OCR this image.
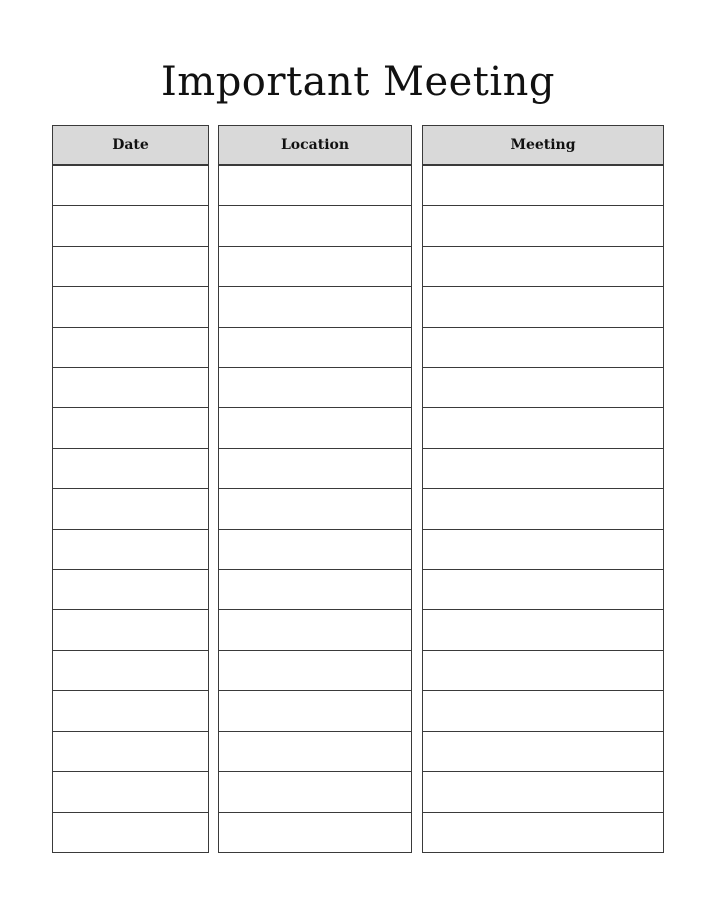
Important Meeting
Date	Location	Meeting
